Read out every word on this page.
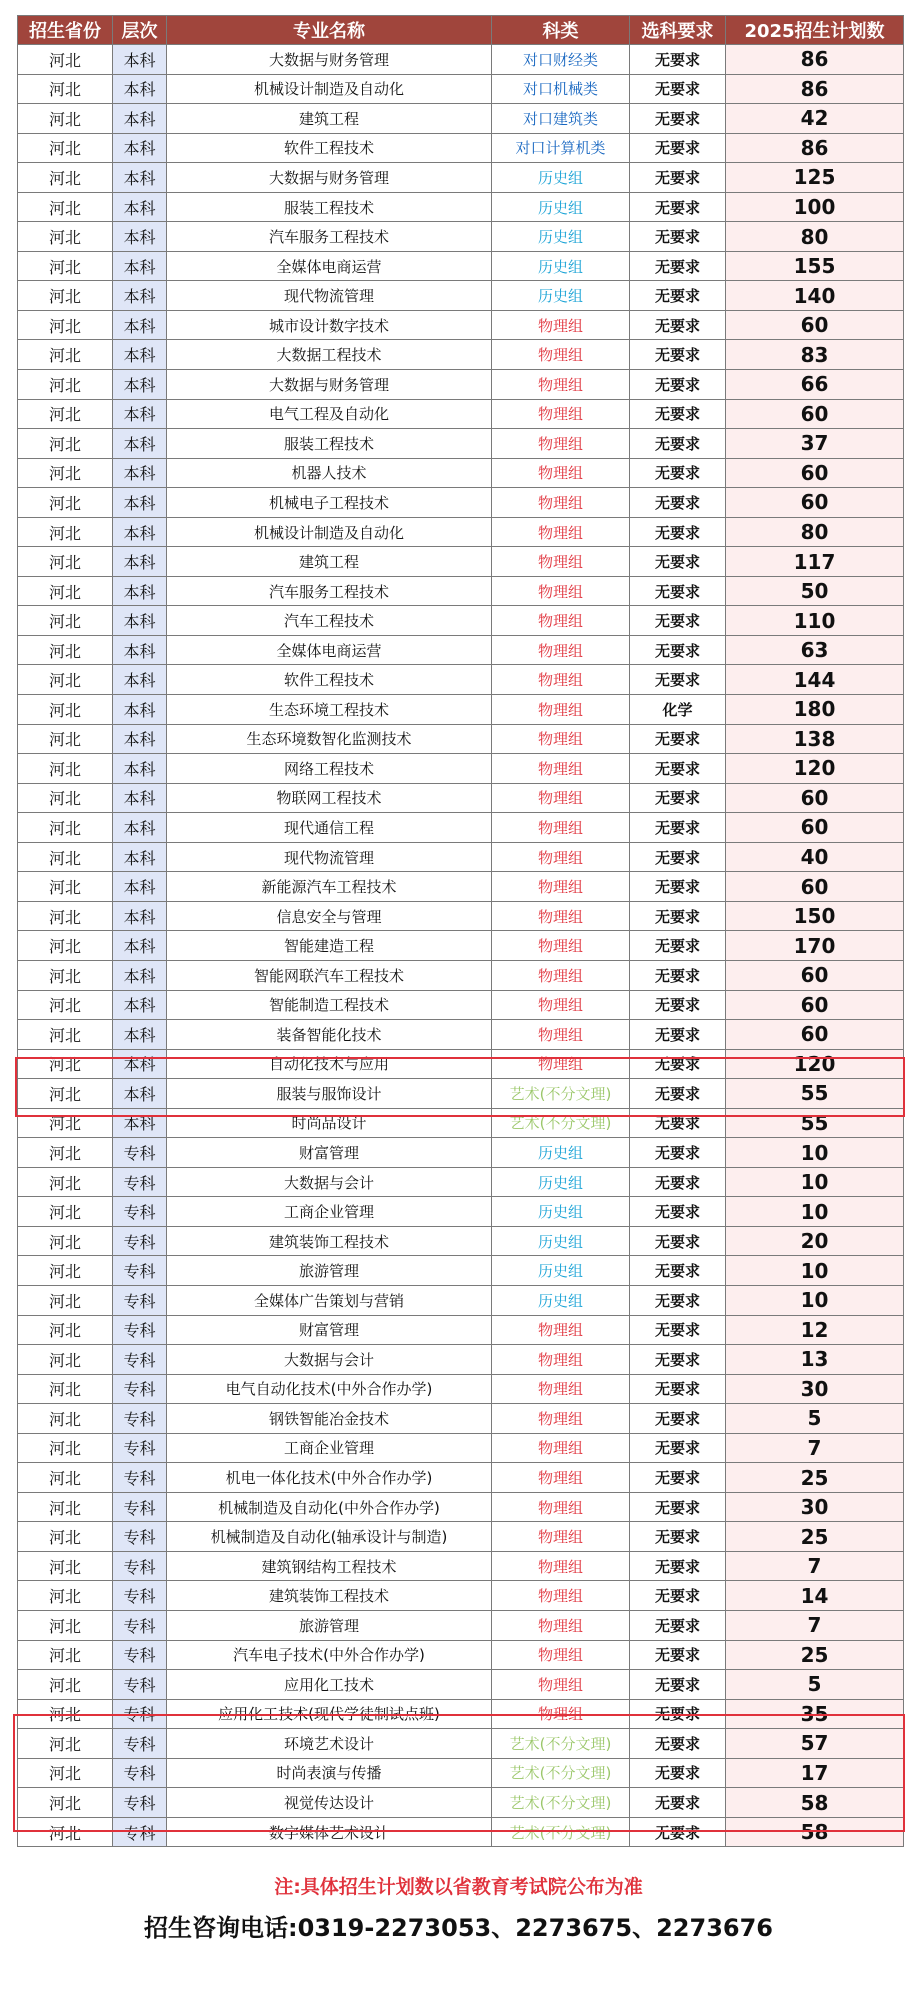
招生省份	层次	专业名称	科类	选科要求	2025招生计划数
河北	本科	大数据与财务管理	对口财经类	无要求	86
河北	本科	机械设计制造及自动化	对口机械类	无要求	86
河北	本科	建筑工程	对口建筑类	无要求	42
河北	本科	软件工程技术	对口计算机类	无要求	86
河北	本科	大数据与财务管理	历史组	无要求	125
河北	本科	服装工程技术	历史组	无要求	100
河北	本科	汽车服务工程技术	历史组	无要求	80
河北	本科	全媒体电商运营	历史组	无要求	155
河北	本科	现代物流管理	历史组	无要求	140
河北	本科	城市设计数字技术	物理组	无要求	60
河北	本科	大数据工程技术	物理组	无要求	83
河北	本科	大数据与财务管理	物理组	无要求	66
河北	本科	电气工程及自动化	物理组	无要求	60
河北	本科	服装工程技术	物理组	无要求	37
河北	本科	机器人技术	物理组	无要求	60
河北	本科	机械电子工程技术	物理组	无要求	60
河北	本科	机械设计制造及自动化	物理组	无要求	80
河北	本科	建筑工程	物理组	无要求	117
河北	本科	汽车服务工程技术	物理组	无要求	50
河北	本科	汽车工程技术	物理组	无要求	110
河北	本科	全媒体电商运营	物理组	无要求	63
河北	本科	软件工程技术	物理组	无要求	144
河北	本科	生态环境工程技术	物理组	化学	180
河北	本科	生态环境数智化监测技术	物理组	无要求	138
河北	本科	网络工程技术	物理组	无要求	120
河北	本科	物联网工程技术	物理组	无要求	60
河北	本科	现代通信工程	物理组	无要求	60
河北	本科	现代物流管理	物理组	无要求	40
河北	本科	新能源汽车工程技术	物理组	无要求	60
河北	本科	信息安全与管理	物理组	无要求	150
河北	本科	智能建造工程	物理组	无要求	170
河北	本科	智能网联汽车工程技术	物理组	无要求	60
河北	本科	智能制造工程技术	物理组	无要求	60
河北	本科	装备智能化技术	物理组	无要求	60
河北	本科	自动化技术与应用	物理组	无要求	120
河北	本科	服装与服饰设计	艺术(不分文理)	无要求	55
河北	本科	时尚品设计	艺术(不分文理)	无要求	55
河北	专科	财富管理	历史组	无要求	10
河北	专科	大数据与会计	历史组	无要求	10
河北	专科	工商企业管理	历史组	无要求	10
河北	专科	建筑装饰工程技术	历史组	无要求	20
河北	专科	旅游管理	历史组	无要求	10
河北	专科	全媒体广告策划与营销	历史组	无要求	10
河北	专科	财富管理	物理组	无要求	12
河北	专科	大数据与会计	物理组	无要求	13
河北	专科	电气自动化技术(中外合作办学)	物理组	无要求	30
河北	专科	钢铁智能冶金技术	物理组	无要求	5
河北	专科	工商企业管理	物理组	无要求	7
河北	专科	机电一体化技术(中外合作办学)	物理组	无要求	25
河北	专科	机械制造及自动化(中外合作办学)	物理组	无要求	30
河北	专科	机械制造及自动化(轴承设计与制造)	物理组	无要求	25
河北	专科	建筑钢结构工程技术	物理组	无要求	7
河北	专科	建筑装饰工程技术	物理组	无要求	14
河北	专科	旅游管理	物理组	无要求	7
河北	专科	汽车电子技术(中外合作办学)	物理组	无要求	25
河北	专科	应用化工技术	物理组	无要求	5
河北	专科	应用化工技术(现代学徒制试点班)	物理组	无要求	35
河北	专科	环境艺术设计	艺术(不分文理)	无要求	57
河北	专科	时尚表演与传播	艺术(不分文理)	无要求	17
河北	专科	视觉传达设计	艺术(不分文理)	无要求	58
河北	专科	数字媒体艺术设计	艺术(不分文理)	无要求	58
注:具体招生计划数以省教育考试院公布为准
招生咨询电话:0319-2273053、2273675、2273676
